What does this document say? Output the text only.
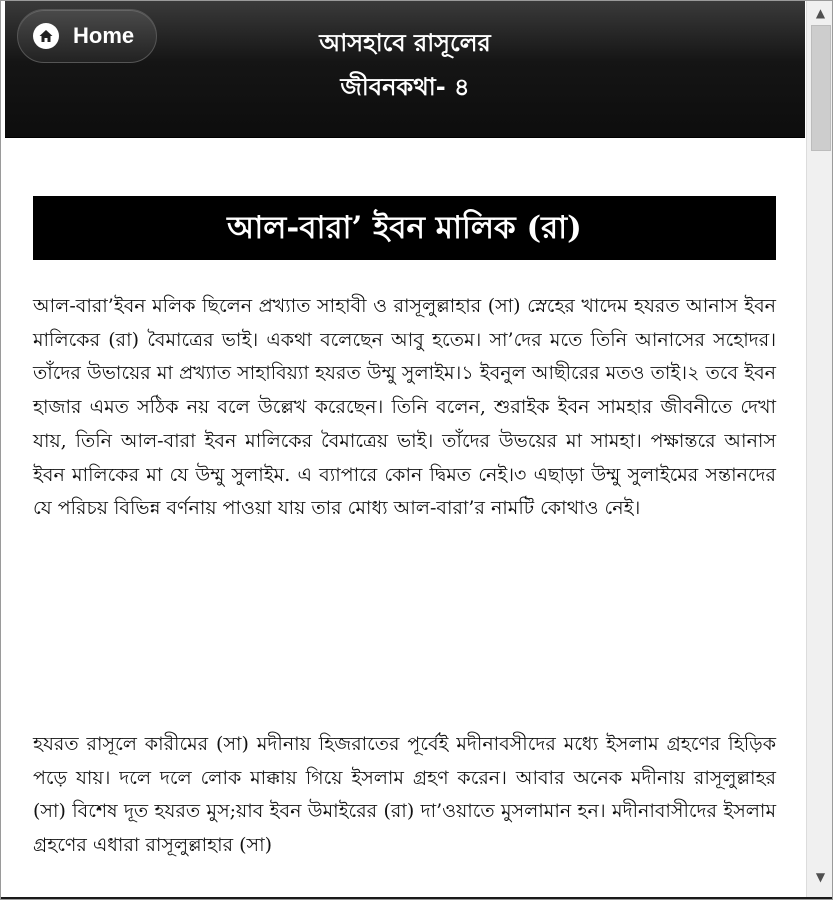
Home	আসহাবে রাসূলের
জীবনকথা- ৪
আল-বারা’ ইবন মালিক (রা)

আল-বারা’ইবন মলিক ছিলেন প্রখ্যাত সাহাবী ও রাসূলুল্লাহার (সা) স্নেহের খাদেম হযরত আনাস ইবন মালিকের (রা) বৈমাত্রের ভাই। একথা বলেছেন আবু হতেম। সা’দের মতে তিনি আনাসের সহোদর।তাঁদের উভায়ের মা প্রখ্যাত সাহাবিয়্যা হযরত উম্মু সুলাইম।১ ইবনুল আছীরের মতও তাই।২ তবে ইবন হাজার এমত সঠিক নয় বলে উল্লেখ করেছেন। তিনি বলেন, শুরাইক ইবন সামহার জীবনীতে দেখা যায়, তিনি আল-বারা ইবন মালিকের বৈমাত্রেয় ভাই। তাঁদের উভয়ের মা সামহা। পক্ষান্তরে আনাস ইবন মালিকের মা যে উম্মু সুলাইম. এ ব্যাপারে কোন দ্বিমত নেই।৩ এছাড়া উম্মু সুলাইমের সন্তানদের যে পরিচয় বিভিন্ন বর্ণনায় পাওয়া যায় তার মোধ্য আল-বারা’র নামটি কোথাও নেই।

হযরত রাসূলে কারীমের (সা) মদীনায় হিজরাতের পূর্বেই মদীনাবসীদের মধ্যে ইসলাম গ্রহণের হিড়িক পড়ে যায়। দলে দলে লোক মাক্কায় গিয়ে ইসলাম গ্রহণ করেন। আবার অনেক মদীনায় রাসূলুল্লাহর (সা) বিশেষ দূত হযরত মুস;য়াব ইবন উমাইরের (রা) দা’ওয়াতে মুসলামান হন। মদীনাবাসীদের ইসলাম গ্রহণের এধারা রাসূলুল্লাহার (সা)

▲
▼
